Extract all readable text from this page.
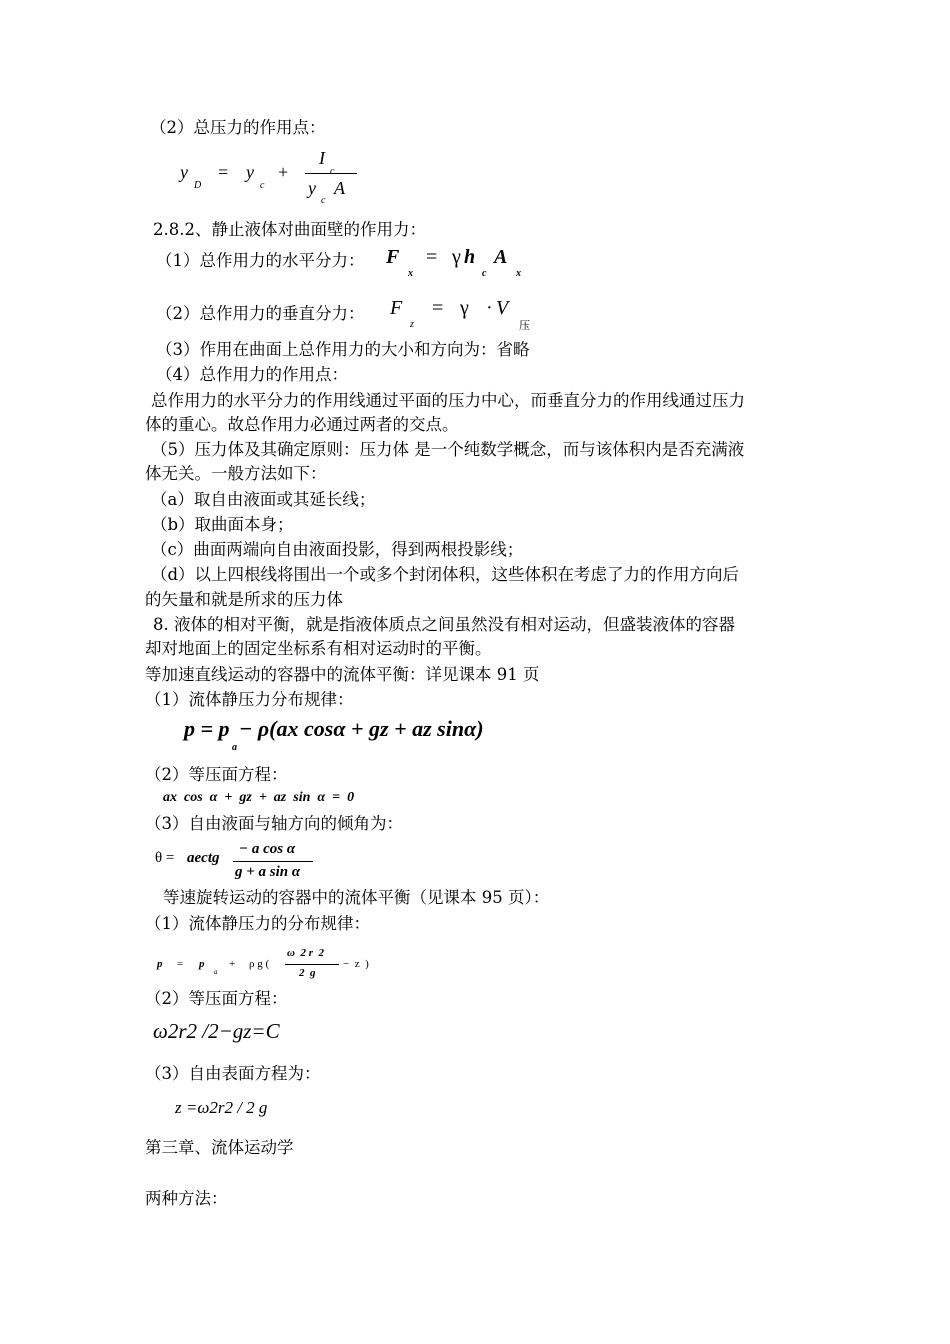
（2）总压力的作用点：
y
D
= y
c
+
I
c
y
c
A
2.8.2、静止液体对曲面壁的作用力：
（1）总作用力的水平分力： F
x
= γ h
c
A
x
（2）总作用力的垂直分力： F
z
= γ · V
压
（3）作用在曲面上总作用力的大小和方向为：省略
（4）总作用力的作用点：
总作用力的水平分力的作用线通过平面的压力中心，而垂直分力的作用线通过压力
体的重心。故总作用力必通过两者的交点。
（5）压力体及其确定原则：压力体 是一个纯数学概念，而与该体积内是否充满液
体无关。一般方法如下：
（a）取自由液面或其延长线；
（b）取曲面本身；
（c）曲面两端向自由液面投影，得到两根投影线；
（d）以上四根线将围出一个或多个封闭体积，这些体积在考虑了力的作用方向后
的矢量和就是所求的压力体
8. 液体的相对平衡，就是指液体质点之间虽然没有相对运动，但盛装液体的容器
却对地面上的固定坐标系有相对运动时的平衡。
等加速直线运动的容器中的流体平衡：详见课本 91 页
（1）流体静压力分布规律：
p = p
a
− ρ(ax cosα + gz + az sinα)
（2）等压面方程：
ax  cos  α  +  gz  +  az  sin  α  =  0
（3）自由液面与轴方向的倾角为：
θ = aectg
− a cos α
g + a sin α
等速旋转运动的容器中的流体平衡（见课本 95 页）：
（1）流体静压力的分布规律：
p = p
a
+ ρ g (
ω  2 r  2
2  g
−  z  )
（2）等压面方程：
ω2r2 /2−gz=C
（3）自由表面方程为：
z =ω2r2 / 2 g
第三章、流体运动学
两种方法：
